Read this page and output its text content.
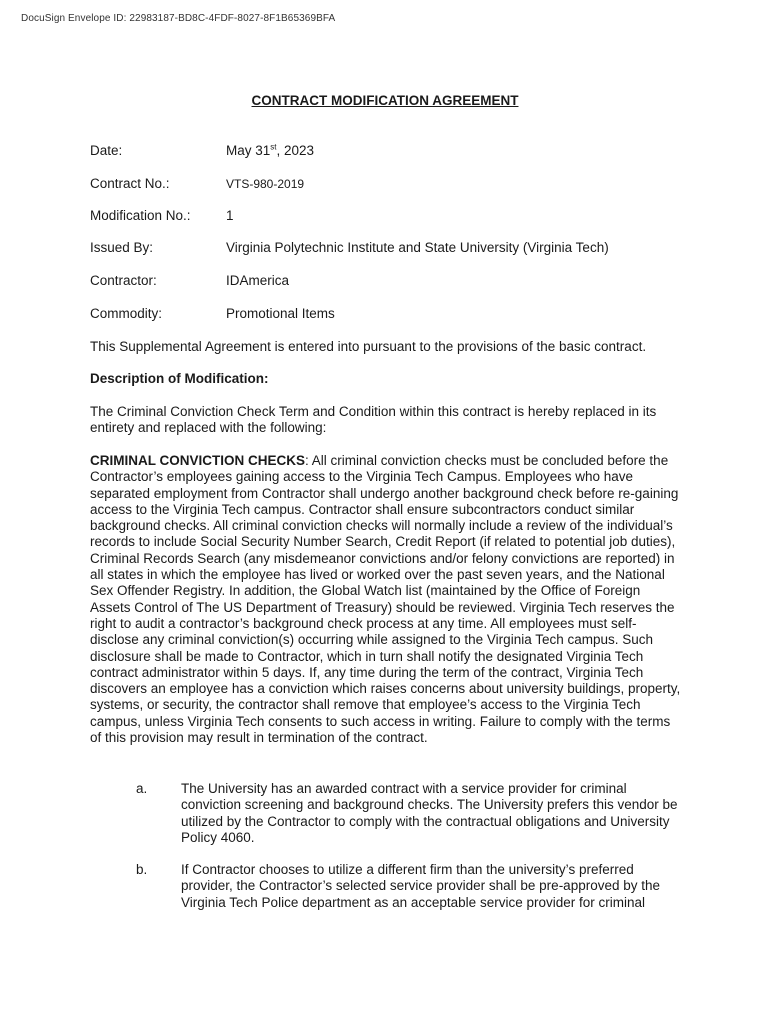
DocuSign Envelope ID: 22983187-BD8C-4FDF-8027-8F1B65369BFA
CONTRACT MODIFICATION AGREEMENT
Date:	May 31st, 2023
Contract No.:	VTS-980-2019
Modification No.:	1
Issued By:	Virginia Polytechnic Institute and State University (Virginia Tech)
Contractor:	IDAmerica
Commodity:	Promotional Items
This Supplemental Agreement is entered into pursuant to the provisions of the basic contract.
Description of Modification:
The Criminal Conviction Check Term and Condition within this contract is hereby replaced in its entirety and replaced with the following:
CRIMINAL CONVICTION CHECKS: All criminal conviction checks must be concluded before the Contractor’s employees gaining access to the Virginia Tech Campus. Employees who have separated employment from Contractor shall undergo another background check before re-gaining access to the Virginia Tech campus. Contractor shall ensure subcontractors conduct similar background checks. All criminal conviction checks will normally include a review of the individual’s records to include Social Security Number Search, Credit Report (if related to potential job duties), Criminal Records Search (any misdemeanor convictions and/or felony convictions are reported) in all states in which the employee has lived or worked over the past seven years, and the National Sex Offender Registry. In addition, the Global Watch list (maintained by the Office of Foreign Assets Control of The US Department of Treasury) should be reviewed. Virginia Tech reserves the right to audit a contractor’s background check process at any time. All employees must self-disclose any criminal conviction(s) occurring while assigned to the Virginia Tech campus. Such disclosure shall be made to Contractor, which in turn shall notify the designated Virginia Tech contract administrator within 5 days. If, any time during the term of the contract, Virginia Tech discovers an employee has a conviction which raises concerns about university buildings, property, systems, or security, the contractor shall remove that employee’s access to the Virginia Tech campus, unless Virginia Tech consents to such access in writing. Failure to comply with the terms of this provision may result in termination of the contract.
a. The University has an awarded contract with a service provider for criminal conviction screening and background checks. The University prefers this vendor be utilized by the Contractor to comply with the contractual obligations and University Policy 4060.
b. If Contractor chooses to utilize a different firm than the university’s preferred provider, the Contractor’s selected service provider shall be pre-approved by the Virginia Tech Police department as an acceptable service provider for criminal
